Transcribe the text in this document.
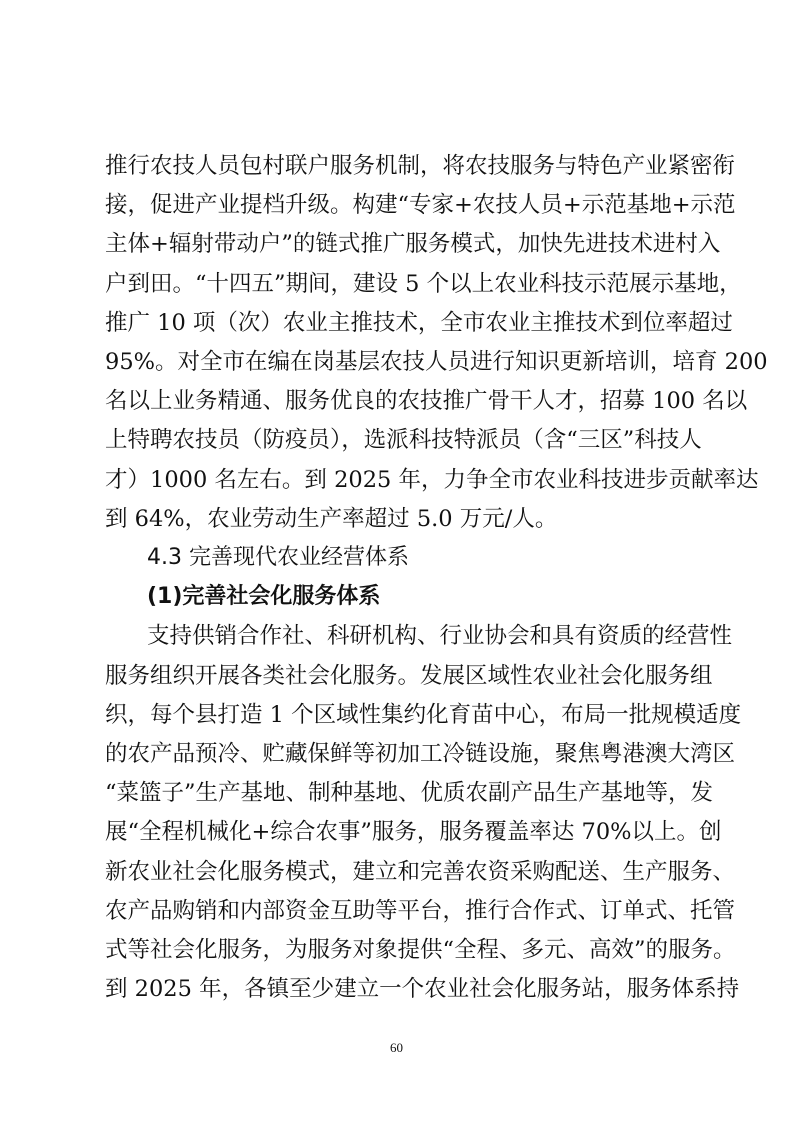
推行农技人员包村联户服务机制，将农技服务与特色产业紧密衔
接，促进产业提档升级。构建“专家+农技人员+示范基地+示范
主体+辐射带动户”的链式推广服务模式，加快先进技术进村入
户到田。“十四五”期间，建设 5 个以上农业科技示范展示基地，
推广 10 项（次）农业主推技术，全市农业主推技术到位率超过
95%。对全市在编在岗基层农技人员进行知识更新培训，培育 200
名以上业务精通、服务优良的农技推广骨干人才，招募 100 名以
上特聘农技员（防疫员），选派科技特派员（含“三区”科技人
才）1000 名左右。到 2025 年，力争全市农业科技进步贡献率达
到 64%，农业劳动生产率超过 5.0 万元/人。
4.3 完善现代农业经营体系
(1)完善社会化服务体系
支持供销合作社、科研机构、行业协会和具有资质的经营性
服务组织开展各类社会化服务。发展区域性农业社会化服务组
织，每个县打造 1 个区域性集约化育苗中心，布局一批规模适度
的农产品预冷、贮藏保鲜等初加工冷链设施，聚焦粤港澳大湾区
“菜篮子”生产基地、制种基地、优质农副产品生产基地等，发
展“全程机械化+综合农事”服务，服务覆盖率达 70%以上。创
新农业社会化服务模式，建立和完善农资采购配送、生产服务、
农产品购销和内部资金互助等平台，推行合作式、订单式、托管
式等社会化服务，为服务对象提供“全程、多元、高效”的服务。
到 2025 年，各镇至少建立一个农业社会化服务站，服务体系持
60
